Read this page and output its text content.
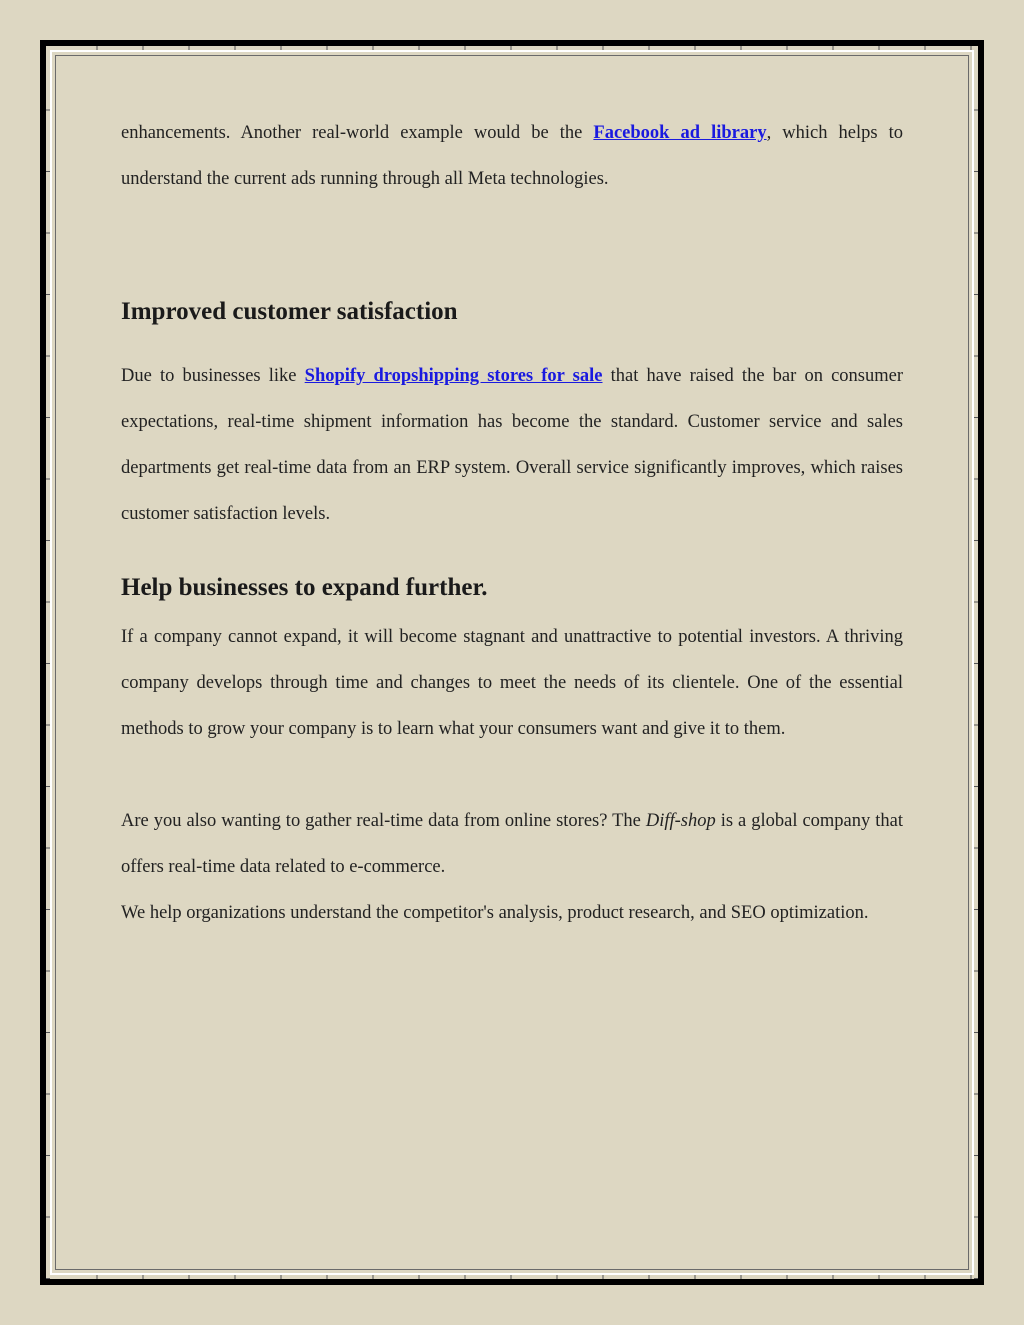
enhancements. Another real-world example would be the Facebook ad library, which helps to understand the current ads running through all Meta technologies.

Improved customer satisfaction

Due to businesses like Shopify dropshipping stores for sale that have raised the bar on consumer expectations, real-time shipment information has become the standard. Customer service and sales departments get real-time data from an ERP system. Overall service significantly improves, which raises customer satisfaction levels.

Help businesses to expand further.

If a company cannot expand, it will become stagnant and unattractive to potential investors. A thriving company develops through time and changes to meet the needs of its clientele. One of the essential methods to grow your company is to learn what your consumers want and give it to them.

Are you also wanting to gather real-time data from online stores? The Diff-shop is a global company that offers real-time data related to e-commerce.

We help organizations understand the competitor's analysis, product research, and SEO optimization.
